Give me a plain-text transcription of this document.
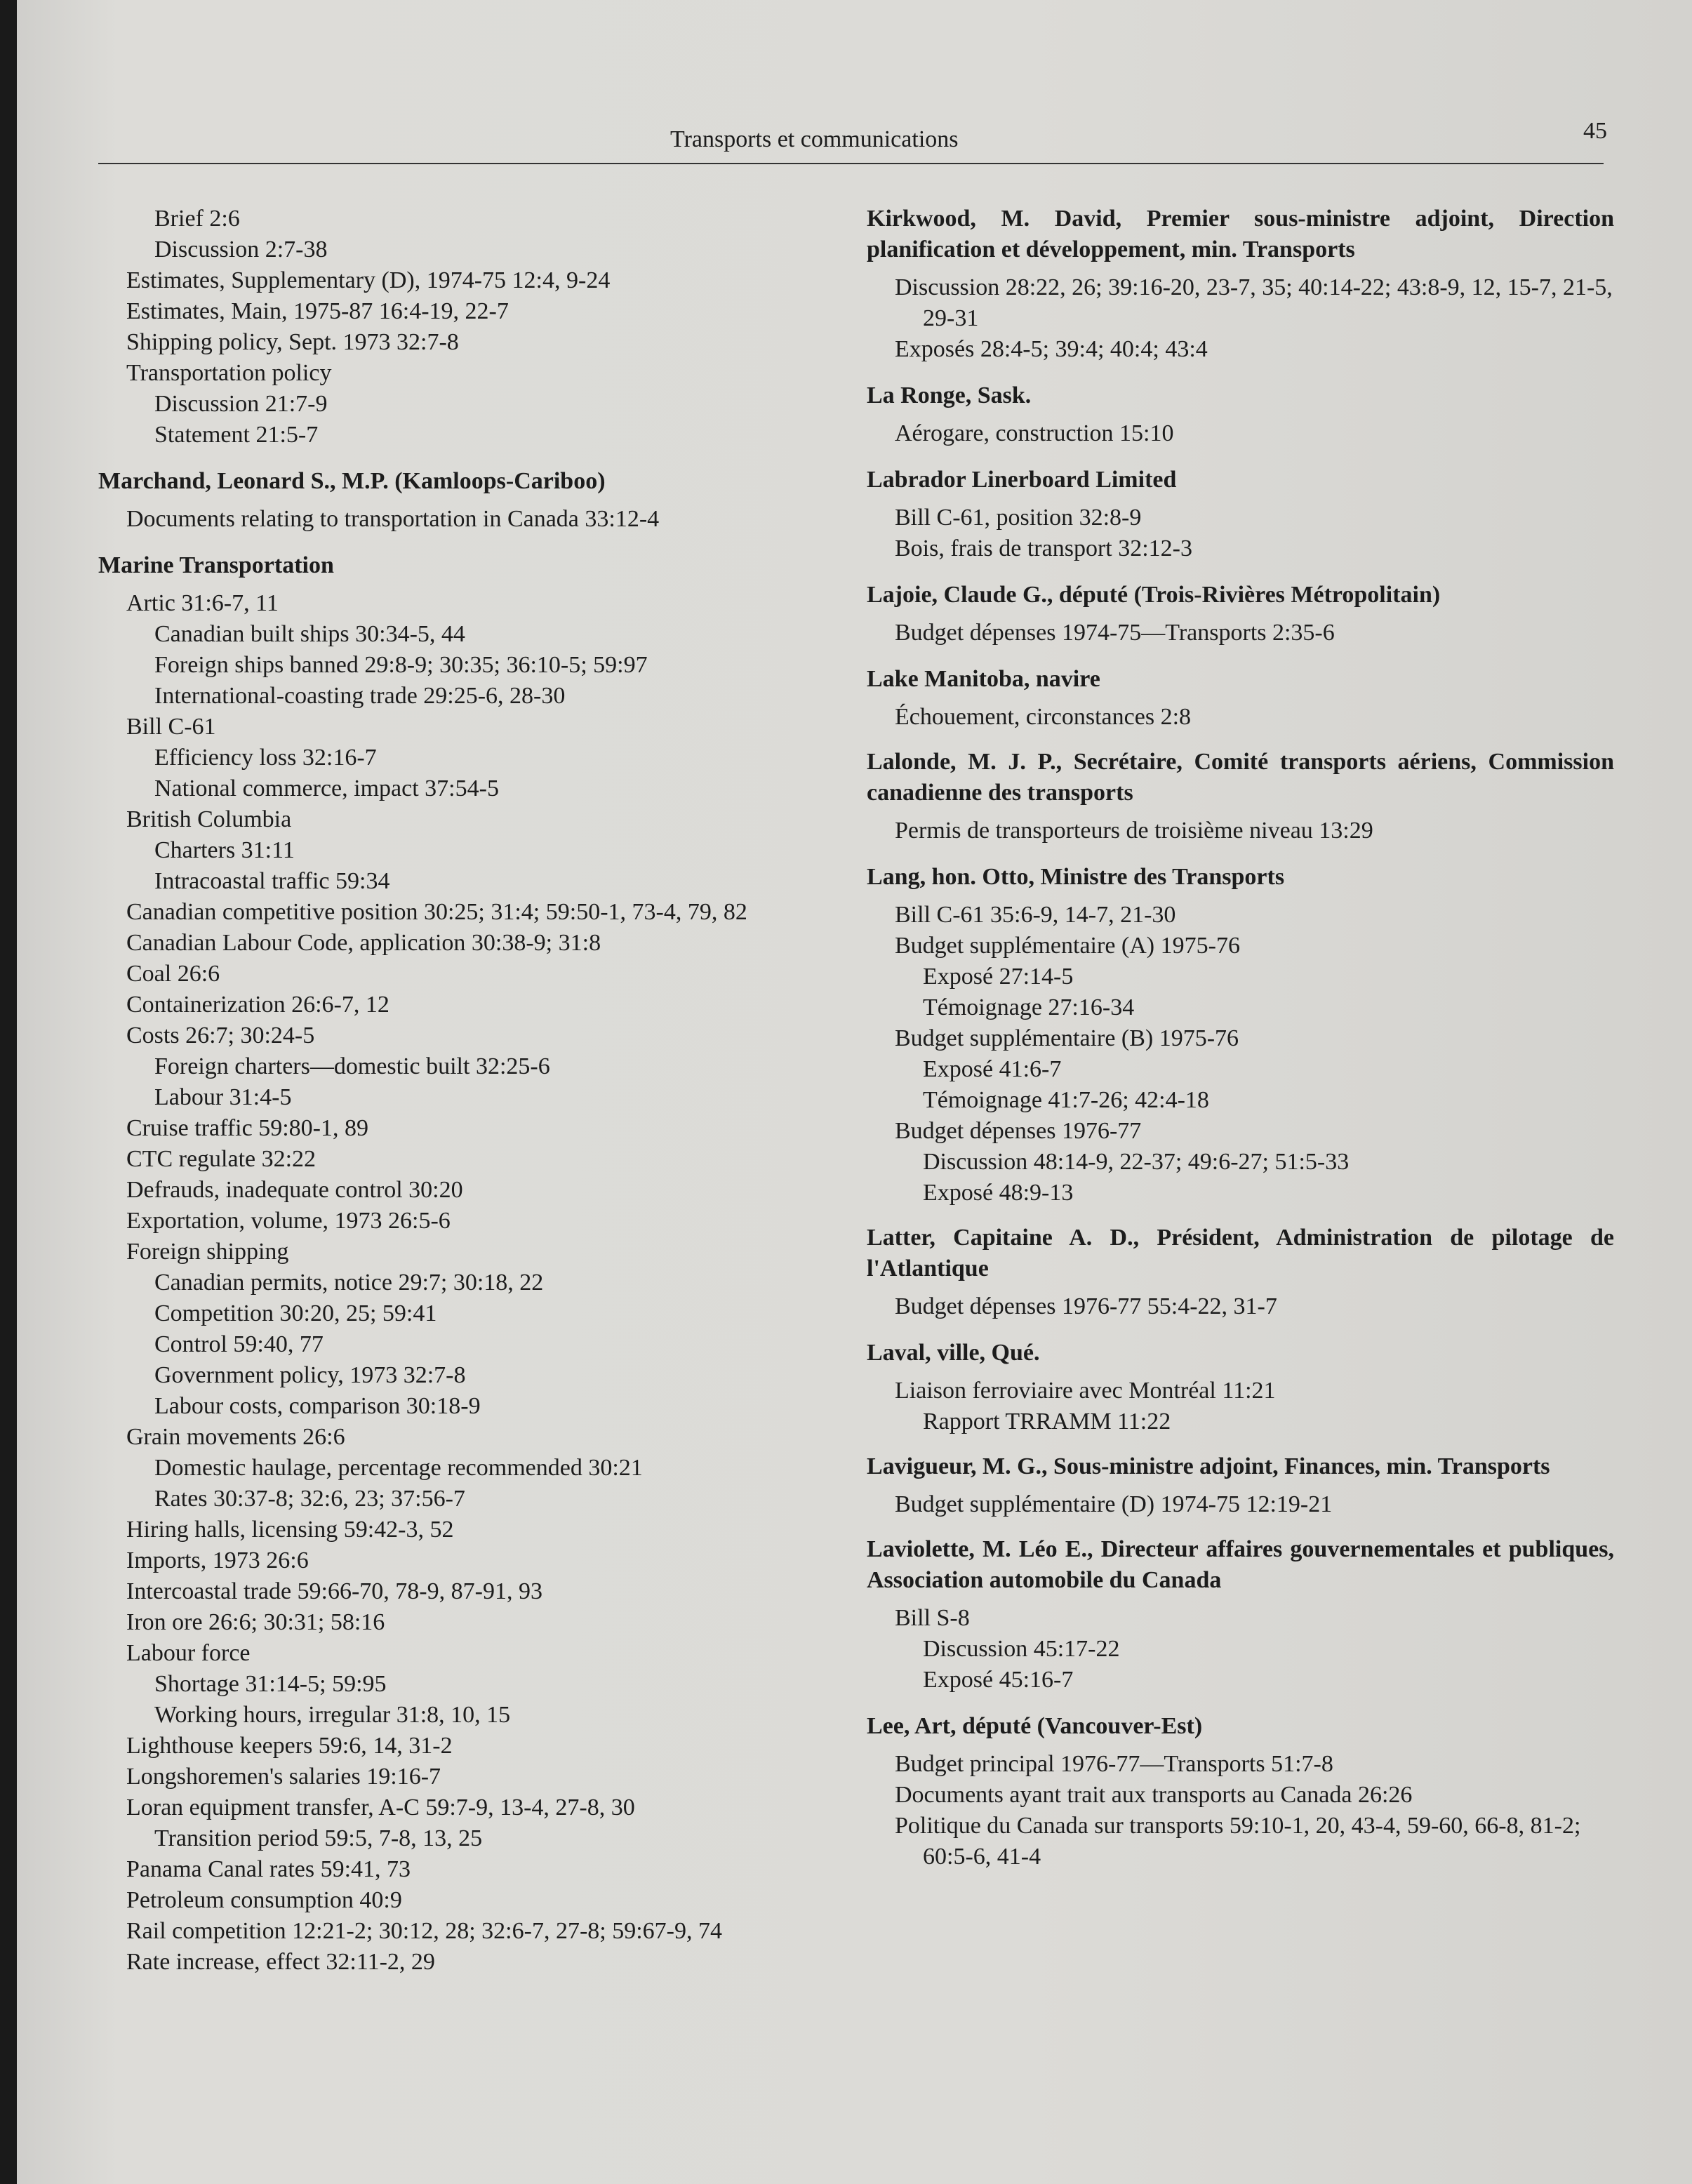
Transports et communications	45
Brief 2:6
Discussion 2:7-38
Estimates, Supplementary (D), 1974-75 12:4, 9-24
Estimates, Main, 1975-87 16:4-19, 22-7
Shipping policy, Sept. 1973 32:7-8
Transportation policy
Discussion 21:7-9
Statement 21:5-7
Marchand, Leonard S., M.P. (Kamloops-Cariboo)
Documents relating to transportation in Canada 33:12-4
Marine Transportation
Artic 31:6-7, 11
Canadian built ships 30:34-5, 44
Foreign ships banned 29:8-9; 30:35; 36:10-5; 59:97
International-coasting trade 29:25-6, 28-30
Bill C-61
Efficiency loss 32:16-7
National commerce, impact 37:54-5
British Columbia
Charters 31:11
Intracoastal traffic 59:34
Canadian competitive position 30:25; 31:4; 59:50-1, 73-4, 79, 82
Canadian Labour Code, application 30:38-9; 31:8
Coal 26:6
Containerization 26:6-7, 12
Costs 26:7; 30:24-5
Foreign charters—domestic built 32:25-6
Labour 31:4-5
Cruise traffic 59:80-1, 89
CTC regulate 32:22
Defrauds, inadequate control 30:20
Exportation, volume, 1973 26:5-6
Foreign shipping
Canadian permits, notice 29:7; 30:18, 22
Competition 30:20, 25; 59:41
Control 59:40, 77
Government policy, 1973 32:7-8
Labour costs, comparison 30:18-9
Grain movements 26:6
Domestic haulage, percentage recommended 30:21
Rates 30:37-8; 32:6, 23; 37:56-7
Hiring halls, licensing 59:42-3, 52
Imports, 1973 26:6
Intercoastal trade 59:66-70, 78-9, 87-91, 93
Iron ore 26:6; 30:31; 58:16
Labour force
Shortage 31:14-5; 59:95
Working hours, irregular 31:8, 10, 15
Lighthouse keepers 59:6, 14, 31-2
Longshoremen's salaries 19:16-7
Loran equipment transfer, A-C 59:7-9, 13-4, 27-8, 30
Transition period 59:5, 7-8, 13, 25
Panama Canal rates 59:41, 73
Petroleum consumption 40:9
Rail competition 12:21-2; 30:12, 28; 32:6-7, 27-8; 59:67-9, 74
Rate increase, effect 32:11-2, 29
Kirkwood, M. David, Premier sous-ministre adjoint, Direction planification et développement, min. Transports
Discussion 28:22, 26; 39:16-20, 23-7, 35; 40:14-22; 43:8-9, 12, 15-7, 21-5, 29-31
Exposés 28:4-5; 39:4; 40:4; 43:4
La Ronge, Sask.
Aérogare, construction 15:10
Labrador Linerboard Limited
Bill C-61, position 32:8-9
Bois, frais de transport 32:12-3
Lajoie, Claude G., député (Trois-Rivières Métropolitain)
Budget dépenses 1974-75—Transports 2:35-6
Lake Manitoba, navire
Échouement, circonstances 2:8
Lalonde, M. J. P., Secrétaire, Comité transports aériens, Commission canadienne des transports
Permis de transporteurs de troisième niveau 13:29
Lang, hon. Otto, Ministre des Transports
Bill C-61 35:6-9, 14-7, 21-30
Budget supplémentaire (A) 1975-76
Exposé 27:14-5
Témoignage 27:16-34
Budget supplémentaire (B) 1975-76
Exposé 41:6-7
Témoignage 41:7-26; 42:4-18
Budget dépenses 1976-77
Discussion 48:14-9, 22-37; 49:6-27; 51:5-33
Exposé 48:9-13
Latter, Capitaine A. D., Président, Administration de pilotage de l'Atlantique
Budget dépenses 1976-77 55:4-22, 31-7
Laval, ville, Qué.
Liaison ferroviaire avec Montréal 11:21
Rapport TRRAMM 11:22
Lavigueur, M. G., Sous-ministre adjoint, Finances, min. Transports
Budget supplémentaire (D) 1974-75 12:19-21
Laviolette, M. Léo E., Directeur affaires gouvernementales et publiques, Association automobile du Canada
Bill S-8
Discussion 45:17-22
Exposé 45:16-7
Lee, Art, député (Vancouver-Est)
Budget principal 1976-77—Transports 51:7-8
Documents ayant trait aux transports au Canada 26:26
Politique du Canada sur transports 59:10-1, 20, 43-4, 59-60, 66-8, 81-2; 60:5-6, 41-4
